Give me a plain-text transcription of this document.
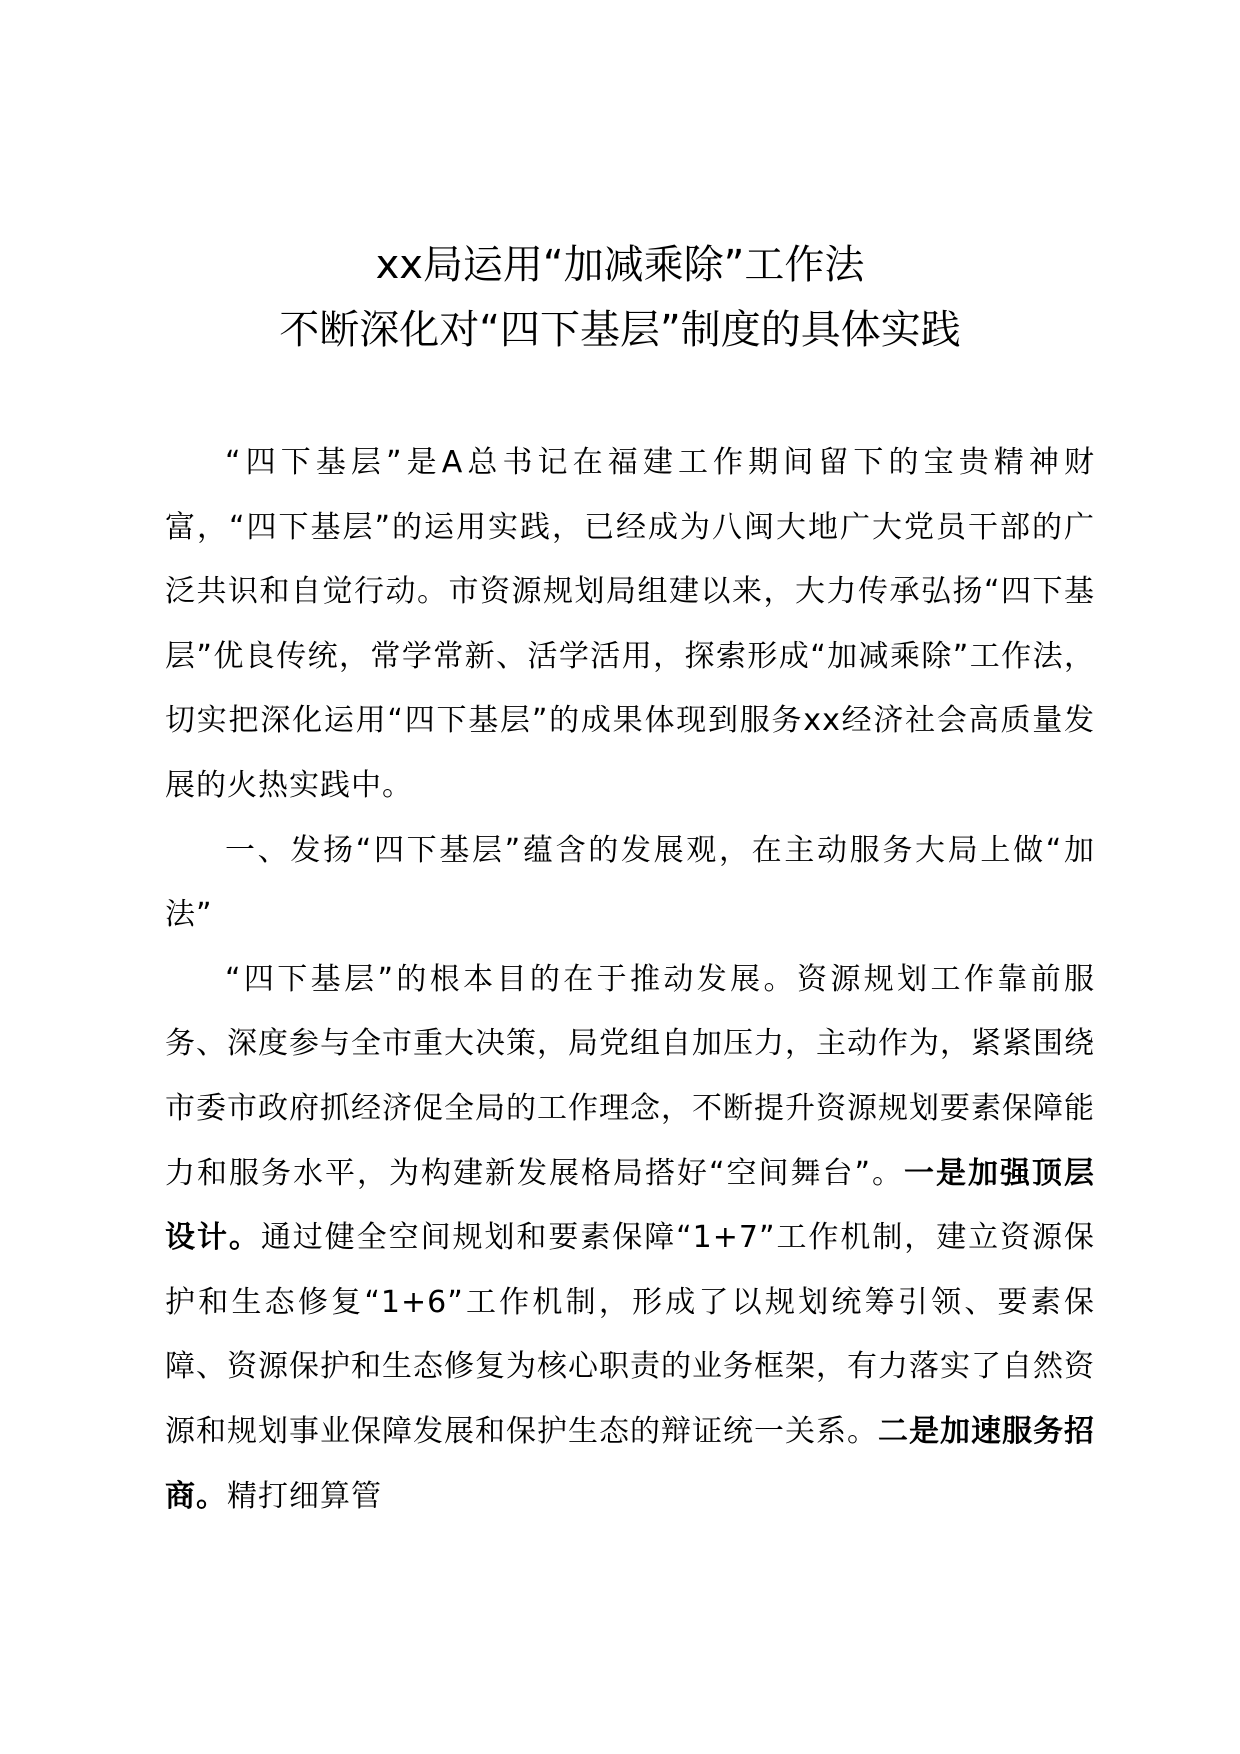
xx局运用“加减乘除”工作法
不断深化对“四下基层”制度的具体实践

“四下基层”是A总书记在福建工作期间留下的宝贵精神财富，“四下基层”的运用实践，已经成为八闽大地广大党员干部的广泛共识和自觉行动。市资源规划局组建以来，大力传承弘扬“四下基层”优良传统，常学常新、活学活用，探索形成“加减乘除”工作法，切实把深化运用“四下基层”的成果体现到服务xx经济社会高质量发展的火热实践中。

一、发扬“四下基层”蕴含的发展观，在主动服务大局上做“加法”

“四下基层”的根本目的在于推动发展。资源规划工作靠前服务、深度参与全市重大决策，局党组自加压力，主动作为，紧紧围绕市委市政府抓经济促全局的工作理念，不断提升资源规划要素保障能力和服务水平，为构建新发展格局搭好“空间舞台”。一是加强顶层设计。通过健全空间规划和要素保障“1+7”工作机制，建立资源保护和生态修复“1+6”工作机制，形成了以规划统筹引领、要素保障、资源保护和生态修复为核心职责的业务框架，有力落实了自然资源和规划事业保障发展和保护生态的辩证统一关系。二是加速服务招商。精打细算管
